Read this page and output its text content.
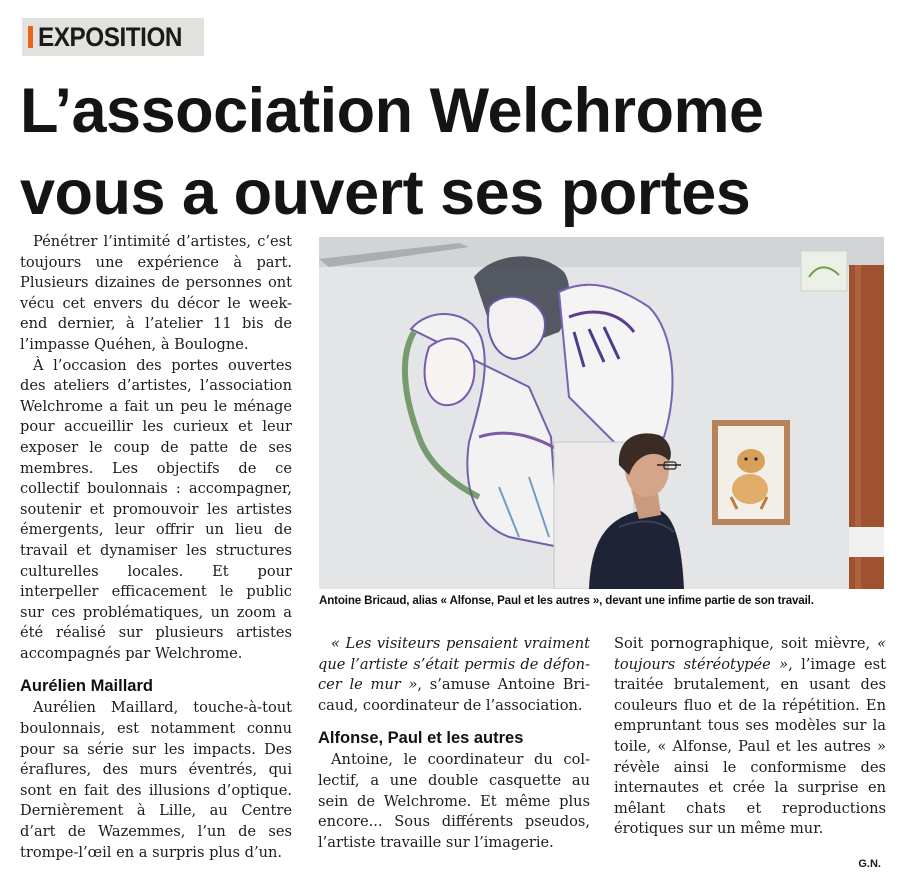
EXPOSITION
L’association Welchrome
vous a ouvert ses portes

Pénétrer l’intimité d’artistes, c’est toujours une expérience à part. Plusieurs dizaines de personnes ont vécu cet envers du décor le week-end dernier, à l’atelier 11 bis de l’impasse Quéhen, à Boulogne.

À l’occasion des portes ouvertes des ateliers d’artistes, l’association Welchrome a fait un peu le ménage pour accueillir les curieux et leur exposer le coup de patte de ses membres. Les objectifs de ce collectif boulonnais : accompagner, soutenir et promouvoir les artistes émergents, leur offrir un lieu de travail et dynamiser les structures culturelles locales. Et pour interpeller efficacement le public sur ces problématiques, un zoom a été réalisé sur plusieurs artistes accompagnés par Welchrome.

Aurélien Maillard

Aurélien Maillard, touche-à-tout boulonnais, est notamment connu pour sa série sur les impacts. Des éraflures, des murs éventrés, qui sont en fait des illusions d’optique. Dernièrement à Lille, au Centre d’art de Wazemmes, l’un de ses trompe-l’œil en a surpris plus d’un.

Antoine Bricaud, alias « Alfonse, Paul et les autres », devant une infime partie de son travail.

« Les visiteurs pensaient vraiment que l’artiste s’était permis de défoncer le mur », s’amuse Antoine Bricaud, coordinateur de l’association.

Alfonse, Paul et les autres

Antoine, le coordinateur du collectif, a une double casquette au sein de Welchrome. Et même plus encore... Sous différents pseudos, l’artiste travaille sur l’imagerie.

Soit pornographique, soit mièvre, « toujours stéréotypée », l’image est traitée brutalement, en usant des couleurs fluo et de la répétition. En empruntant tous ses modèles sur la toile, « Alfonse, Paul et les autres » révèle ainsi le conformisme des internautes et crée la surprise en mêlant chats et reproductions érotiques sur un même mur.

G.N.
